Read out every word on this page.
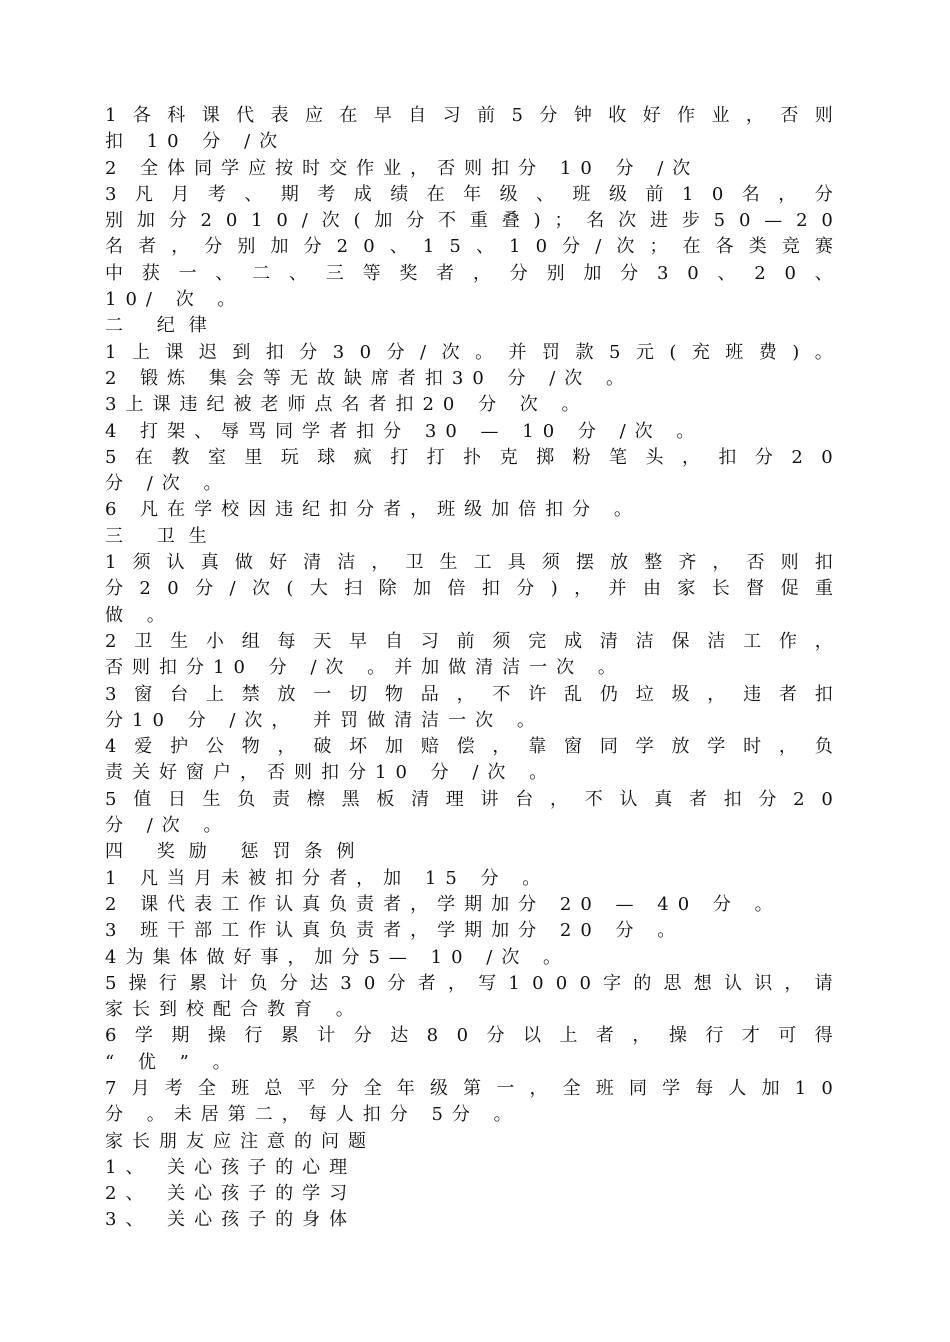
1 各 科 课 代 表 应 在 早 自 习 前 5 分 钟 收 好 作 业 ， 否 则
扣 10 分 /次
2 全体同学应按时交作业，否则扣分 10 分 /次
3 凡 月 考 、 期 考 成 绩 在 年 级 、 班 级 前 1 0 名 ， 分
别 加 分 2 0 1 0 / 次 ( 加 分 不 重 叠 ) ； 名 次 进 步 5 0 — 2 0
名 者 ， 分 别 加 分 2 0 、 1 5 、 1 0 分 / 次 ； 在 各 类 竞 赛
中 获 一 、 二 、 三 等 奖 者 ， 分 别 加 分 3 0 、 2 0 、
10/ 次 。
二 纪律
1 上 课 迟 到 扣 分 3 0 分 / 次 。 并 罚 款 5 元 ( 充 班 费 ) 。
2 锻炼 集会等无故缺席者扣30 分 /次 。
3上课违纪被老师点名者扣20 分 次 。
4 打架、辱骂同学者扣分 30 — 10 分 /次 。
5 在 教 室 里 玩 球 疯 打 打 扑 克 掷 粉 笔 头 ， 扣 分 2 0
分 /次 。
6 凡在学校因违纪扣分者，班级加倍扣分 。
三 卫生
1 须 认 真 做 好 清 洁 ， 卫 生 工 具 须 摆 放 整 齐 ， 否 则 扣
分 2 0 分 / 次 ( 大 扫 除 加 倍 扣 分 ) ， 并 由 家 长 督 促 重
做 。
2 卫 生 小 组 每 天 早 自 习 前 须 完 成 清 洁 保 洁 工 作 ，
否则扣分10 分 /次 。并加做清洁一次 。
3 窗 台 上 禁 放 一 切 物 品 ， 不 许 乱 仍 垃 圾 ， 违 者 扣
分10 分 /次， 并罚做清洁一次 。
4 爱 护 公 物 ， 破 坏 加 赔 偿 ， 靠 窗 同 学 放 学 时 ， 负
责关好窗户，否则扣分10 分 /次 。
5 值 日 生 负 责 檫 黑 板 清 理 讲 台 ， 不 认 真 者 扣 分 2 0
分 /次 。
四 奖励 惩罚条例
1 凡当月未被扣分者，加 15 分 。
2 课代表工作认真负责者，学期加分 20 — 40 分 。
3 班干部工作认真负责者，学期加分 20 分 。
4为集体做好事，加分5— 10 /次 。
5 操 行 累 计 负 分 达 3 0 分 者 ， 写 1 0 0 0 字 的 思 想 认 识 ， 请
家长到校配合教育 。
6 学 期 操 行 累 计 分 达 8 0 分 以 上 者 ， 操 行 才 可 得
“ 优 ” 。
7 月 考 全 班 总 平 分 全 年 级 第 一 ， 全 班 同 学 每 人 加 1 0
分 。未居第二，每人扣分 5分 。
家长朋友应注意的问题
1、 关心孩子的心理
2、 关心孩子的学习
3、 关心孩子的身体
